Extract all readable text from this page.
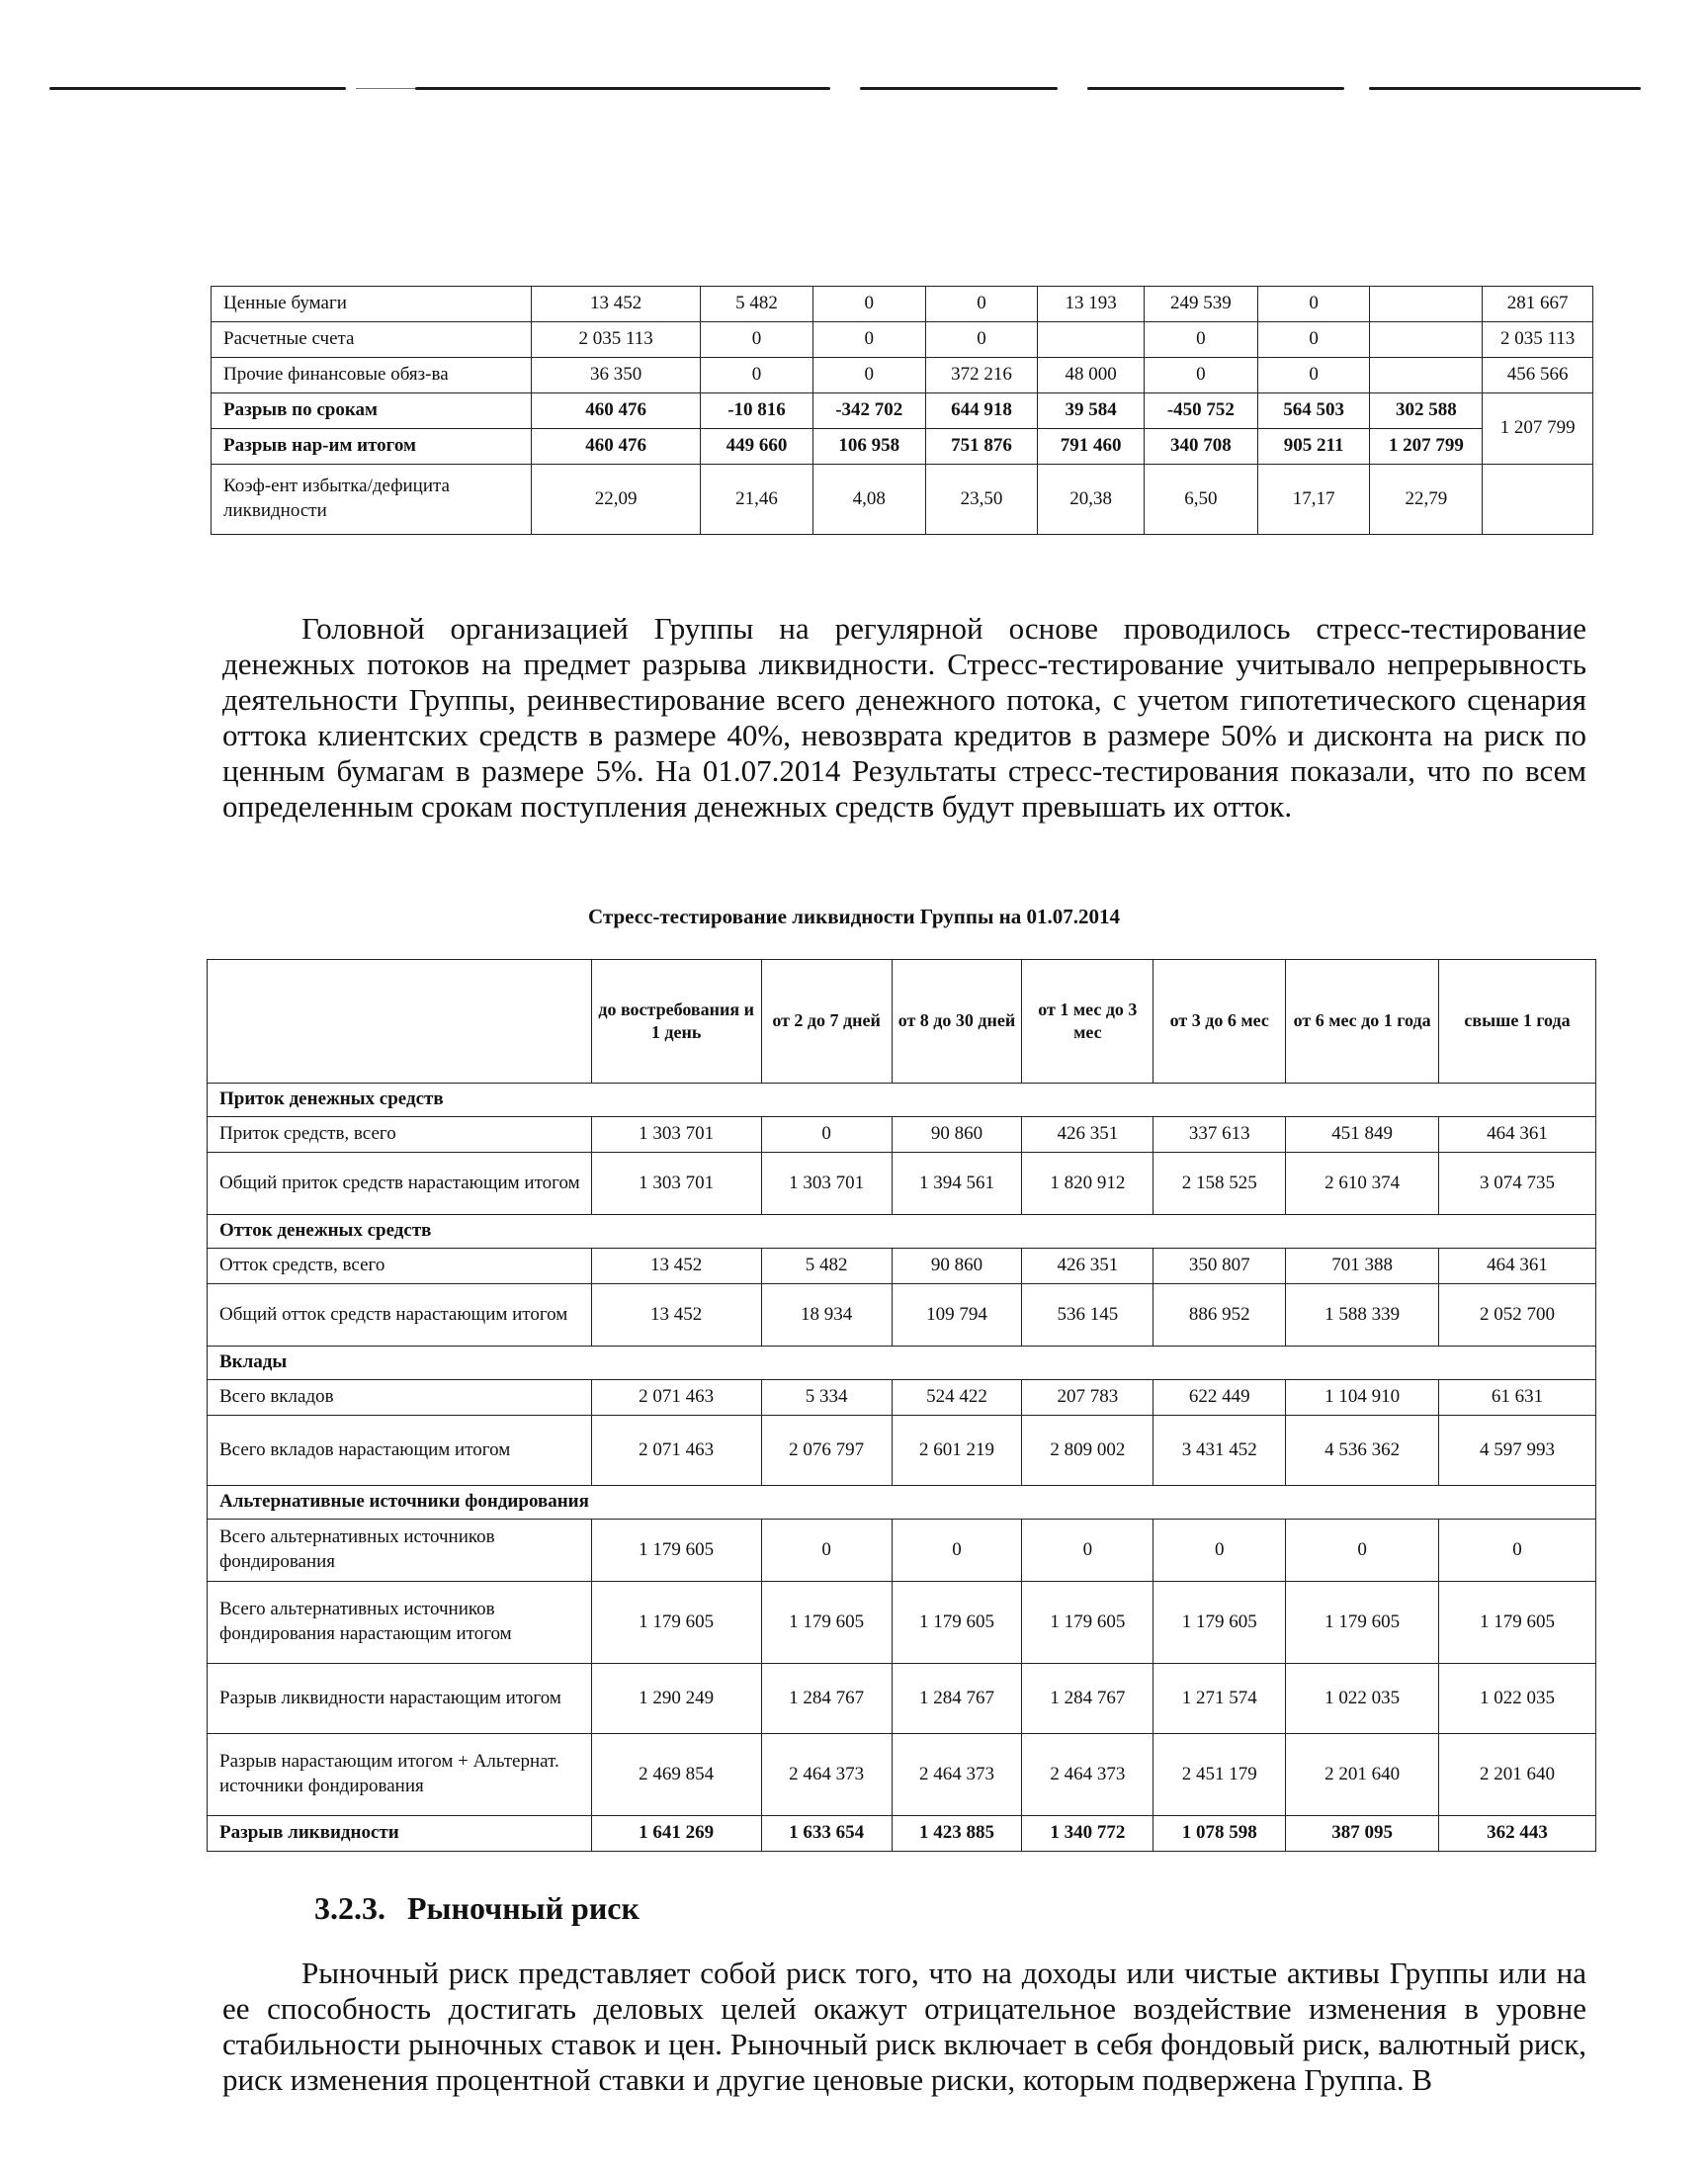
Ценные бумаги	13 452	5 482	0	0	13 193	249 539	0		281 667
Расчетные счета	2 035 113	0	0	0		0	0		2 035 113
Прочие финансовые обяз-ва	36 350	0	0	372 216	48 000	0	0		456 566
Разрыв по срокам	460 476	-10 816	-342 702	644 918	39 584	-450 752	564 503	302 588	1 207 799
Разрыв нар-им итогом	460 476	449 660	106 958	751 876	791 460	340 708	905 211	1 207 799	
Коэф-ент избытка/дефицита ликвидности	22,09	21,46	4,08	23,50	20,38	6,50	17,17	22,79	

Головной организацией Группы на регулярной основе проводилось стресс-тестирование денежных потоков на предмет разрыва ликвидности. Стресс-тестирование учитывало непрерывность деятельности Группы, реинвестирование всего денежного потока, с учетом гипотетического сценария оттока клиентских средств в размере 40%, невозврата кредитов в размере 50% и дисконта на риск по ценным бумагам в размере 5%. На 01.07.2014 Результаты стресс-тестирования показали, что по всем определенным срокам поступления денежных средств будут превышать их отток.

Стресс-тестирование ликвидности Группы на 01.07.2014
	до востребования и 1 день	от 2 до 7 дней	от 8 до 30 дней	от 1 мес до 3 мес	от 3 до 6 мес	от 6 мес до 1 года	свыше 1 года
Приток денежных средств							
Приток средств, всего	1 303 701	0	90 860	426 351	337 613	451 849	464 361
Общий приток средств нарастающим итогом	1 303 701	1 303 701	1 394 561	1 820 912	2 158 525	2 610 374	3 074 735
Отток денежных средств							
Отток средств, всего	13 452	5 482	90 860	426 351	350 807	701 388	464 361
Общий отток средств нарастающим итогом	13 452	18 934	109 794	536 145	886 952	1 588 339	2 052 700
Вклады							
Всего вкладов	2 071 463	5 334	524 422	207 783	622 449	1 104 910	61 631
Всего вкладов нарастающим итогом	2 071 463	2 076 797	2 601 219	2 809 002	3 431 452	4 536 362	4 597 993
Альтернативные источники фондирования							
Всего альтернативных источников фондирования	1 179 605	0	0	0	0	0	0
Всего альтернативных источников фондирования нарастающим итогом	1 179 605	1 179 605	1 179 605	1 179 605	1 179 605	1 179 605	1 179 605
Разрыв ликвидности нарастающим итогом	1 290 249	1 284 767	1 284 767	1 284 767	1 271 574	1 022 035	1 022 035
Разрыв нарастающим итогом + Альтернат. источники фондирования	2 469 854	2 464 373	2 464 373	2 464 373	2 451 179	2 201 640	2 201 640
Разрыв ликвидности	1 641 269	1 633 654	1 423 885	1 340 772	1 078 598	387 095	362 443
3.2.3. Рыночный риск

Рыночный риск представляет собой риск того, что на доходы или чистые активы Группы или на ее способность достигать деловых целей окажут отрицательное воздействие изменения в уровне стабильности рыночных ставок и цен. Рыночный риск включает в себя фондовый риск, валютный риск, риск изменения процентной ставки и другие ценовые риски, которым подвержена Группа. В
